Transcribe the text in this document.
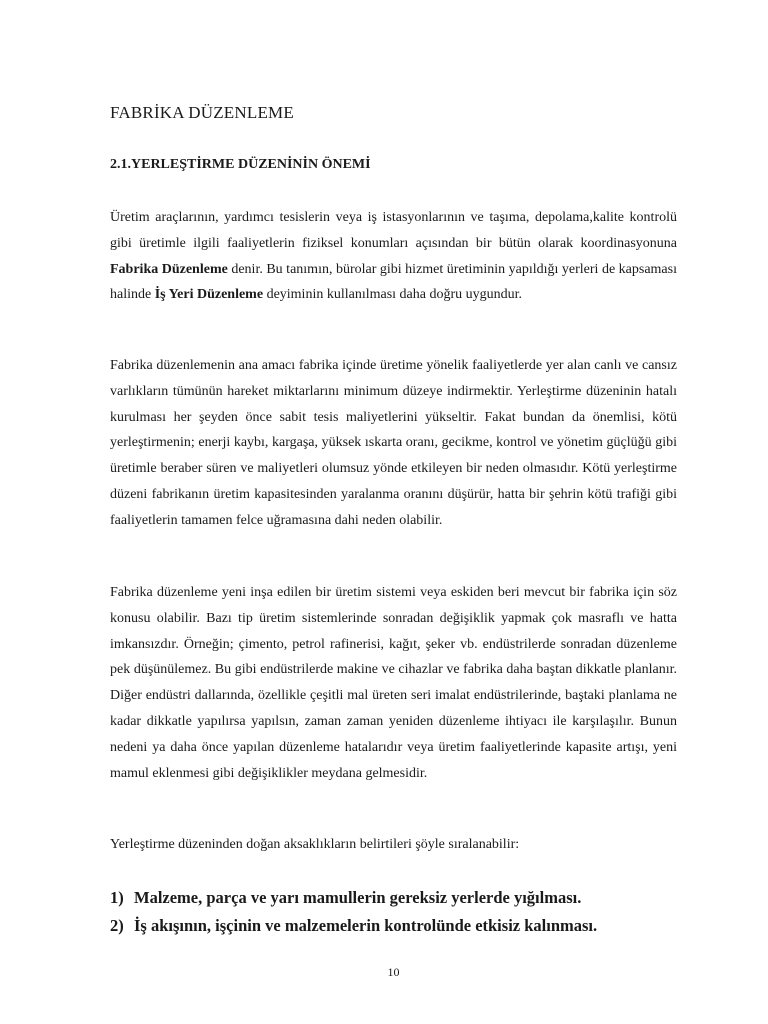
FABRİKA DÜZENLEME
2.1.YERLEŞTİRME DÜZENİNİN ÖNEMİ

Üretim araçlarının, yardımcı tesislerin veya iş istasyonlarının ve taşıma, depolama,kalite kontrolü gibi üretimle ilgili faaliyetlerin fiziksel konumları açısından bir bütün olarak koordinasyonuna Fabrika Düzenleme denir. Bu tanımın, bürolar gibi hizmet üretiminin yapıldığı yerleri de kapsaması halinde İş Yeri Düzenleme deyiminin kullanılması daha doğru uygundur.

Fabrika düzenlemenin ana amacı fabrika içinde üretime yönelik faaliyetlerde yer alan canlı ve cansız varlıkların tümünün hareket miktarlarını minimum düzeye indirmektir. Yerleştirme düzeninin hatalı kurulması her şeyden önce sabit tesis maliyetlerini yükseltir. Fakat bundan da önemlisi, kötü yerleştirmenin; enerji kaybı, kargaşa, yüksek ıskarta oranı, gecikme, kontrol ve yönetim güçlüğü gibi üretimle beraber süren ve maliyetleri olumsuz yönde etkileyen bir neden olmasıdır. Kötü yerleştirme düzeni fabrikanın üretim kapasitesinden yaralanma oranını düşürür, hatta bir şehrin kötü trafiği gibi faaliyetlerin tamamen felce uğramasına dahi neden olabilir.

Fabrika düzenleme yeni inşa edilen bir üretim sistemi veya eskiden beri mevcut bir fabrika için söz konusu olabilir. Bazı tip üretim sistemlerinde sonradan değişiklik yapmak çok masraflı ve hatta imkansızdır. Örneğin; çimento, petrol rafinerisi, kağıt, şeker vb. endüstrilerde sonradan düzenleme pek düşünülemez. Bu gibi endüstrilerde makine ve cihazlar ve fabrika daha baştan dikkatle planlanır. Diğer endüstri dallarında, özellikle çeşitli mal üreten seri imalat endüstrilerinde, baştaki planlama ne kadar dikkatle yapılırsa yapılsın, zaman zaman yeniden düzenleme ihtiyacı ile karşılaşılır. Bunun nedeni ya daha önce yapılan düzenleme hatalarıdır veya üretim faaliyetlerinde kapasite artışı, yeni mamul eklenmesi gibi değişiklikler meydana gelmesidir.

Yerleştirme düzeninden doğan aksaklıkların belirtileri şöyle sıralanabilir:

1) Malzeme, parça ve yarı mamullerin gereksiz yerlerde yığılması.
2) İş akışının, işçinin ve malzemelerin kontrolünde etkisiz kalınması.
10
